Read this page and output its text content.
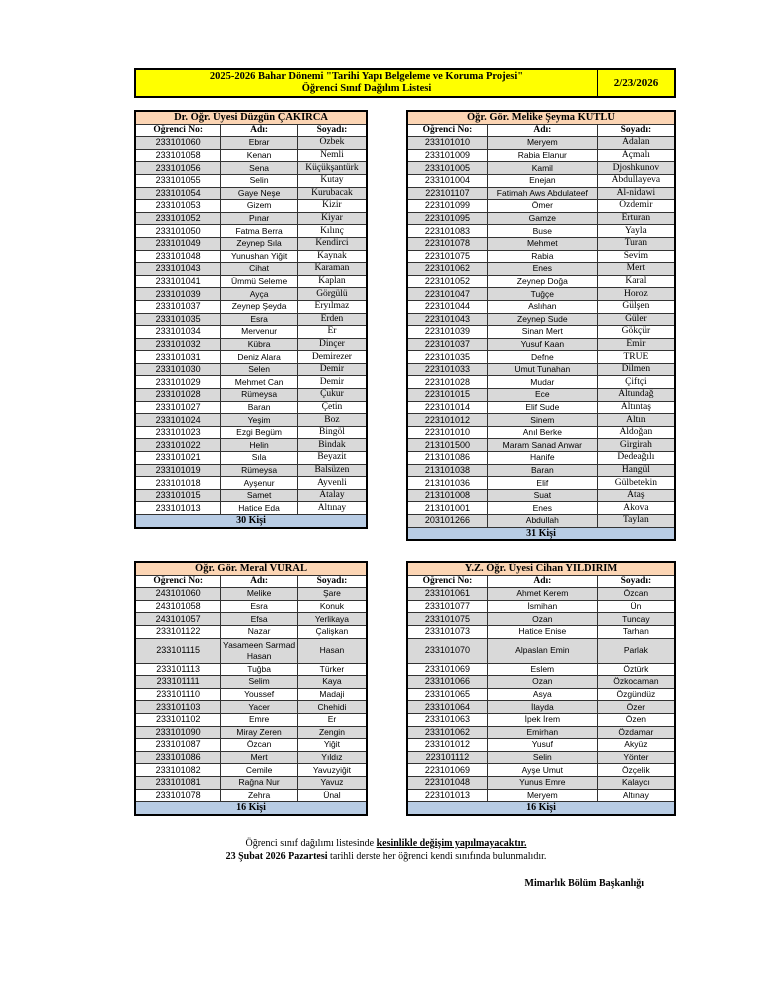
2025-2026 Bahar Dönemi "Tarihi Yapı Belgeleme ve Koruma Projesi"
Öğrenci Sınıf Dağılım Listesi	2/23/2026
Dr. Öğr. Üyesi Düzgün ÇAKIRCA		
Öğrenci No:	Adı:	Soyadı:
233101060	Ebrar	Özbek
233101058	Kenan	Nemli
233101056	Sena	Küçükşantürk
233101055	Selin	Kutay
233101054	Gaye Neşe	Kurubacak
233101053	Gizem	Kizir
233101052	Pınar	Kiyar
233101050	Fatma Berra	Kılınç
233101049	Zeynep Sıla	Kendirci
233101048	Yunushan Yiğit	Kaynak
233101043	Cihat	Karaman
233101041	Ümmü Seleme	Kaplan
233101039	Ayça	Görgülü
233101037	Zeynep Şeyda	Eryılmaz
233101035	Esra	Erden
233101034	Mervenur	Er
233101032	Kübra	Dinçer
233101031	Deniz Alara	Demirezer
233101030	Selen	Demir
233101029	Mehmet Can	Demir
233101028	Rümeysa	Çukur
233101027	Baran	Çetin
233101024	Yeşim	Boz
233101023	Ezgi Begüm	Bingöl
233101022	Helin	Bindak
233101021	Sıla	Beyazit
233101019	Rümeysa	Balsüzen
233101018	Ayşenur	Ayvenli
233101015	Samet	Atalay
233101013	Hatice Eda	Altınay
30 Kişi		
Öğr. Gör. Melike Şeyma KUTLU		
Öğrenci No:	Adı:	Soyadı:
233101010	Meryem	Adalan
233101009	Rabia Elanur	Açmalı
233101005	Kamil	Djoshkunov
233101004	Enejan	Abdullayeva
223101107	Fatimah Aws Abdulateef	Al-nidawi
223101099	Ömer	Özdemir
223101095	Gamze	Erturan
223101083	Buse	Yayla
223101078	Mehmet	Turan
223101075	Rabia	Sevim
223101062	Enes	Mert
223101052	Zeynep Doğa	Karal
223101047	Tuğçe	Horoz
223101044	Aslıhan	Gülşen
223101043	Zeynep Sude	Güler
223101039	Sinan Mert	Gökçür
223101037	Yusuf Kaan	Emir
223101035	Defne	TRUE
223101033	Umut Tunahan	Dilmen
223101028	Mudar	Çiftçi
223101015	Ece	Altundağ
223101014	Elif Sude	Altıntaş
223101012	Sinem	Altın
223101010	Anıl Berke	Aldoğan
213101500	Maram Sanad Anwar	Girgirah
213101086	Hanife	Dedeağılı
213101038	Baran	Hangül
213101036	Elif	Gülbetekin
213101008	Suat	Ataş
213101001	Enes	Akova
203101266	Abdullah	Taylan
31 Kişi		
Öğr. Gör. Meral VURAL		
Öğrenci No:	Adı:	Soyadı:
243101060	Melike	Şare
243101058	Esra	Konuk
243101057	Efsa	Yerlikaya
233101122	Nazar	Çalişkan
233101115	Yasameen Sarmad Hasan	Hasan
233101113	Tuğba	Türker
233101111	Selim	Kaya
233101110	Youssef	Madaji
233101103	Yacer	Chehidi
233101102	Emre	Er
233101090	Miray Zeren	Zengin
233101087	Özcan	Yiğit
233101086	Mert	Yıldız
233101082	Cemile	Yavuzyiğit
233101081	Rağna Nur	Yavuz
233101078	Zehra	Ünal
16 Kişi		
Y.Z. Öğr. Üyesi Cihan YILDIRIM		
Öğrenci No:	Adı:	Soyadı:
233101061	Ahmet Kerem	Özcan
233101077	İsmihan	Ün
233101075	Ozan	Tuncay
233101073	Hatice Enise	Tarhan
233101070	Alpaslan Emin	Parlak
233101069	Eslem	Öztürk
233101066	Ozan	Özkocaman
233101065	Asya	Özgündüz
233101064	İlayda	Özer
233101063	İpek İrem	Özen
233101062	Emirhan	Özdamar
233101012	Yusuf	Akyüz
223101112	Selin	Yönter
223101069	Ayşe Umut	Özçelik
223101048	Yunus Emre	Kalaycı
223101013	Meryem	Altınay
16 Kişi		
Öğrenci sınıf dağılımı listesinde kesinlikle değişim yapılmayacaktır.
23 Şubat 2026 Pazartesi tarihli derste her öğrenci kendi sınıfında bulunmalıdır.
Mimarlık Bölüm Başkanlığı
